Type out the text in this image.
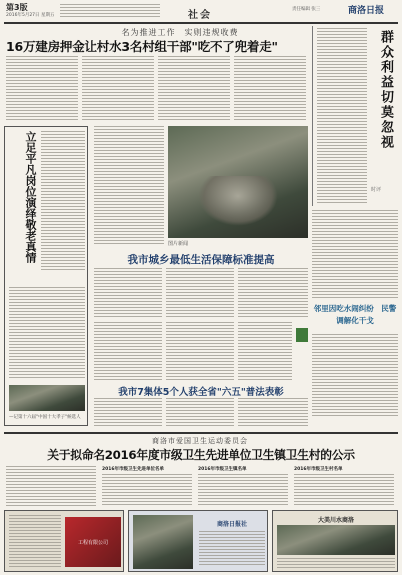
第3版
2016年5月27日 星期五	社会
责任编辑 张三	商洛日报
名为推进工作　实则违规收费
16万建房押金让村水3名村组干部"吃不了兜着走"	群众利益切莫忽视
时评
立足平凡岗位演绎敬老真情
—记第十六届"中国十大孝子"候选人
图片新闻
邻里因吃水闹纠纷　民警调解化干戈
我市城乡最低生活保障标准提高
我市7集体5个人获全省"六五"普法表彰
商洛市爱国卫生运动委员会
关于拟命名2016年度市级卫生先进单位卫生镇卫生村的公示
2016年市级卫生先进单位名单	2016年市级卫生镇名单	2016年市级卫生村名单
工程有限公司
商洛日报社
大美川水商洛
